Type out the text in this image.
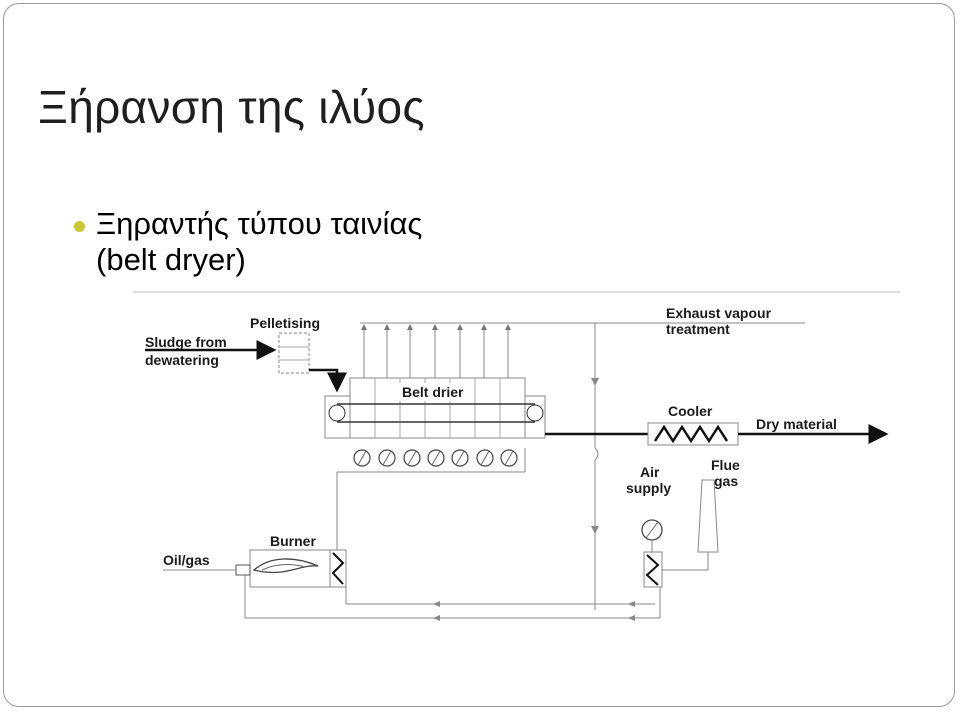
Ξήρανση της ιλύος
Ξηραντής τύπου ταινίας
(belt dryer)
Pelletising
Sludge from
dewatering
Exhaust vapour
treatment
Belt drier
Cooler
Dry material
Air
supply
Flue
gas
Burner
Oil/gas
